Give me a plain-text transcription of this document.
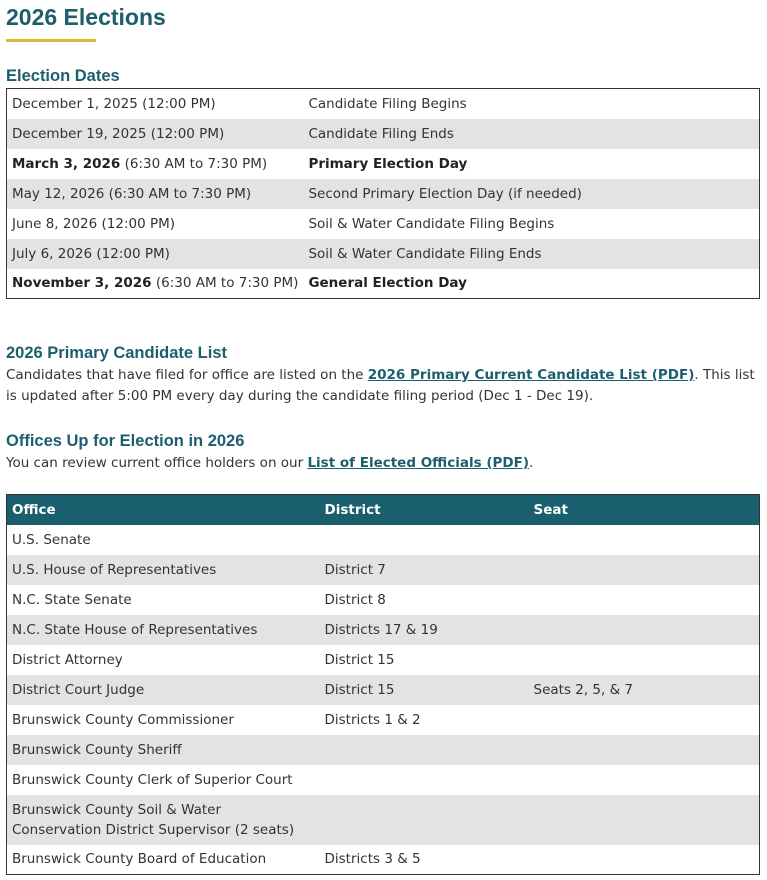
2026 Elections
Election Dates
December 1, 2025 (12:00 PM)	Candidate Filing Begins
December 19, 2025 (12:00 PM)	Candidate Filing Ends
March 3, 2026 (6:30 AM to 7:30 PM)	Primary Election Day
May 12, 2026 (6:30 AM to 7:30 PM)	Second Primary Election Day (if needed)
June 8, 2026 (12:00 PM)	Soil & Water Candidate Filing Begins
July 6, 2026 (12:00 PM)	Soil & Water Candidate Filing Ends
November 3, 2026 (6:30 AM to 7:30 PM)	General Election Day
2026 Primary Candidate List

Candidates that have filed for office are listed on the 2026 Primary Current Candidate List (PDF). This list is updated after 5:00 PM every day during the candidate filing period (Dec 1 - Dec 19).

Offices Up for Election in 2026

You can review current office holders on our List of Elected Officials (PDF).

Office	District	Seat
U.S. Senate		
U.S. House of Representatives	District 7	
N.C. State Senate	District 8	
N.C. State House of Representatives	Districts 17 & 19	
District Attorney	District 15	
District Court Judge	District 15	Seats 2, 5, & 7
Brunswick County Commissioner	Districts 1 & 2	
Brunswick County Sheriff		
Brunswick County Clerk of Superior Court		
Brunswick County Soil & Water Conservation District Supervisor (2 seats)		
Brunswick County Board of Education	Districts 3 & 5	
